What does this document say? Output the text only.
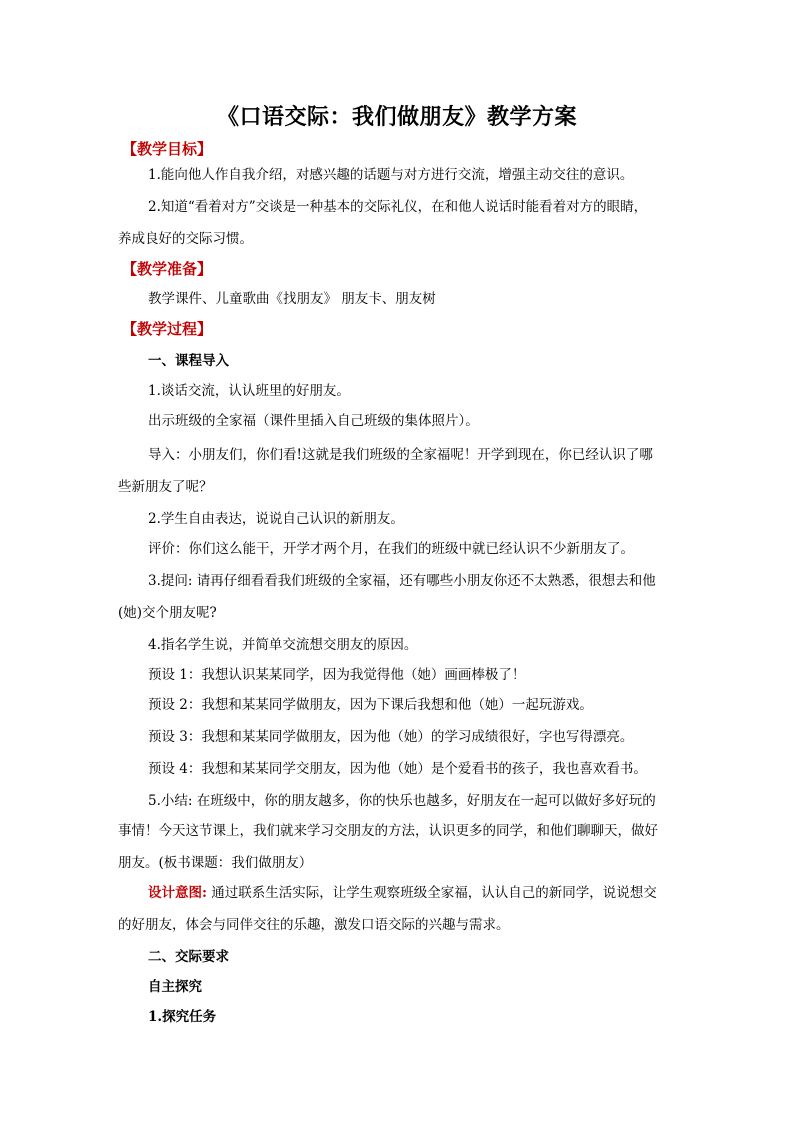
《口语交际：我们做朋友》教学方案
【教学目标】
1.能向他人作自我介绍，对感兴趣的话题与对方进行交流，增强主动交往的意识。
2.知道“看着对方”交谈是一种基本的交际礼仪，在和他人说话时能看着对方的眼睛，
养成良好的交际习惯。
【教学准备】
教学课件、儿童歌曲《找朋友》 朋友卡、朋友树
【教学过程】
一、课程导入
1.谈话交流，认认班里的好朋友。
出示班级的全家福（课件里插入自己班级的集体照片）。
导入：小朋友们，你们看!这就是我们班级的全家福呢！开学到现在，你已经认识了哪
些新朋友了呢？
2.学生自由表达，说说自己认识的新朋友。
评价：你们这么能干，开学才两个月，在我们的班级中就已经认识不少新朋友了。
3.提问: 请再仔细看看我们班级的全家福，还有哪些小朋友你还不太熟悉，很想去和他
(她)交个朋友呢?
4.指名学生说，并简单交流想交朋友的原因。
预设 1：我想认识某某同学，因为我觉得他（她）画画棒极了！
预设 2：我想和某某同学做朋友，因为下课后我想和他（她）一起玩游戏。
预设 3：我想和某某同学做朋友，因为他（她）的学习成绩很好，字也写得漂亮。
预设 4：我想和某某同学交朋友，因为他（她）是个爱看书的孩子，我也喜欢看书。
5.小结: 在班级中，你的朋友越多，你的快乐也越多，好朋友在一起可以做好多好玩的
事情！今天这节课上，我们就来学习交朋友的方法，认识更多的同学，和他们聊聊天，做好
朋友。(板书课题：我们做朋友）
设计意图: 通过联系生活实际，让学生观察班级全家福，认认自己的新同学，说说想交
的好朋友，体会与同伴交往的乐趣，激发口语交际的兴趣与需求。
二、交际要求
自主探究
1.探究任务
